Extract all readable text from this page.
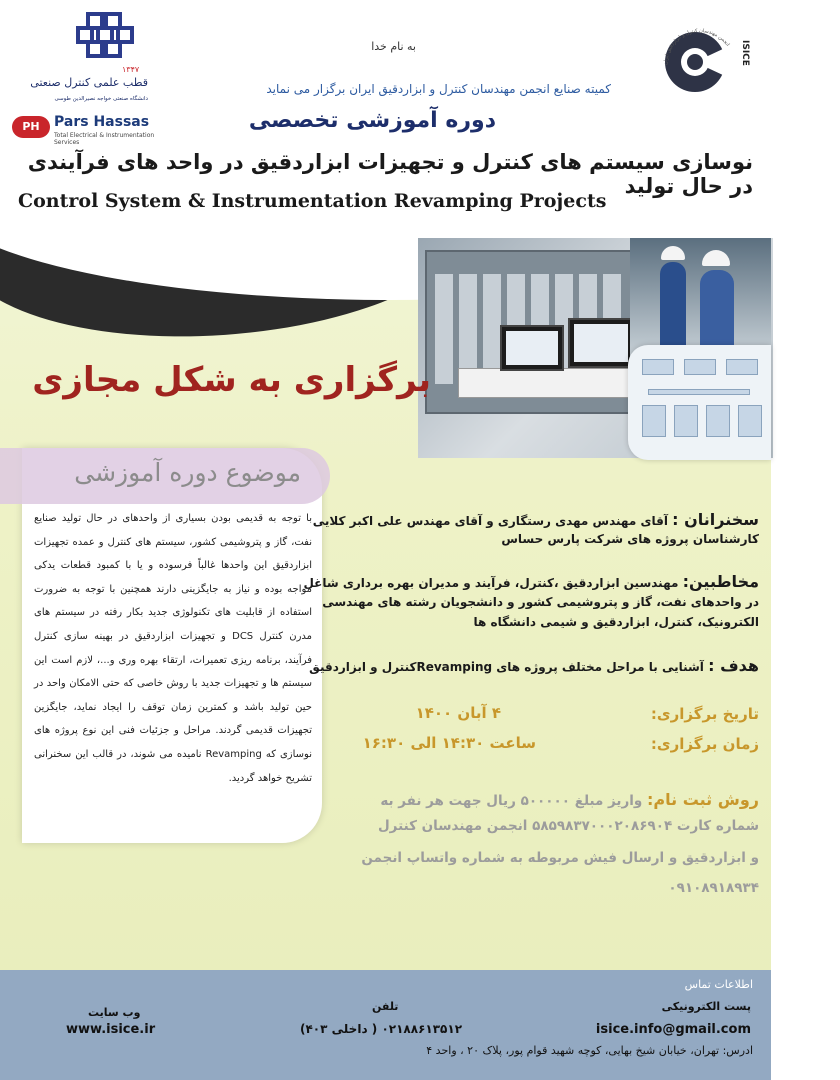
۱۳۴۷
قطب علمی کنترل صنعتی
دانشگاه صنعتی خواجه نصیرالدین طوسی
PH	Pars Hassas
Total Electrical & Instrumentation Services
انجمن مهندسان کنترل و ابزاردقیق ایران ISICE
به نام خدا
کمیته صنایع انجمن مهندسان کنترل و ابزاردقیق ایران برگزار می نماید
دوره آموزشی تخصصی
نوسازی سیستم های کنترل و تجهیزات ابزاردقیق در واحد های فرآیندی در حال تولید
Control System & Instrumentation Revamping Projects
برگزاری به شکل مجازی
موضوع دوره آموزشی
با توجه به قدیمی بودن بسیاری از واحدهای در حال تولید صنایع نفت، گاز و پتروشیمی کشور، سیستم های کنترل و عمده تجهیزات ابزاردقیق این واحدها غالباً فرسوده و یا با کمبود قطعات یدکی مواجه بوده و نیاز به جایگزینی دارند همچنین با توجه به ضرورت استفاده از قابلیت های تکنولوژی جدید بکار رفته در سیستم های مدرن کنترل DCS و تجهیزات ابزاردقیق در بهینه سازی کنترل فرآیند، برنامه ریزی تعمیرات، ارتقاء بهره وری و...، لازم است این سیستم ها و تجهیزات جدید با روش خاصی که حتی الامکان واحد در حین تولید باشد و کمترین زمان توقف را ایجاد نماید، جایگزین تجهیزات قدیمی گردند. مراحل و جزئیات فنی این نوع پروژه های نوسازی که Revamping نامیده می شوند، در قالب این سخنرانی تشریح خواهد گردید.
سخنرانان : آقای مهندس مهدی رستگاری و آقای مهندس علی اکبر کلایی
کارشناسان پروژه های شرکت پارس حساس
مخاطبین: مهندسین ابزاردقیق ،کنترل، فرآیند و مدیران بهره برداری شاغل
در واحدهای نفت، گاز و پتروشیمی کشور و دانشجویان رشته های مهندسی
الکترونیک، کنترل، ابزاردقیق و شیمی دانشگاه ها
هدف : آشنایی با مراحل مختلف پروژه های Revampingکنترل و ابزاردقیق
تاریخ برگزاری:
۴ آبان ۱۴۰۰
زمان برگزاری:
ساعت ۱۴:۳۰ الی ۱۶:۳۰
روش ثبت نام: واریز مبلغ ۵۰۰۰۰۰ ریال جهت هر نفر به
شماره کارت ۵۸۵۹۸۳۷۰۰۰۲۰۸۶۹۰۴ انجمن مهندسان کنترل
و ابزاردقیق و ارسال فیش مربوطه به شماره واتساپ انجمن
۰۹۱۰۸۹۱۸۹۳۴
اطلاعات تماس
پست الکترونیکی
isice.info@gmail.com
تلفن
۰۲۱۸۸۶۱۳۵۱۲ ( داخلی ۴۰۳)
وب سایت
www.isice.ir
ادرس: تهران، خیابان شیخ بهایی، کوچه شهید قوام پور، پلاک ۲۰ ، واحد ۴
